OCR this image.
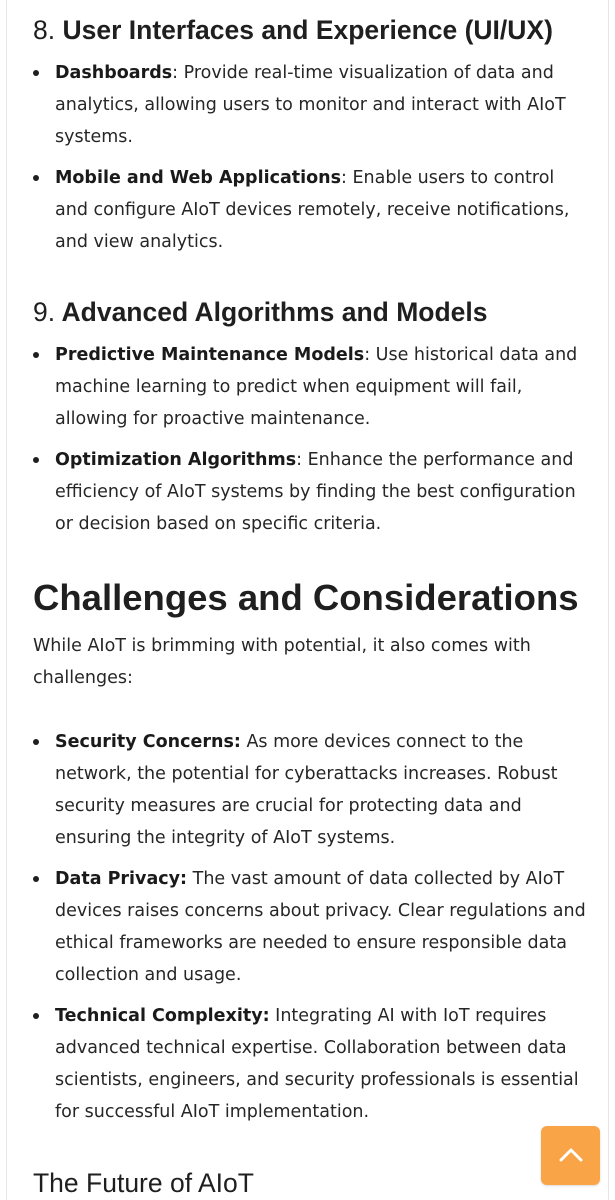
8. User Interfaces and Experience (UI/UX)
Dashboards: Provide real-time visualization of data and analytics, allowing users to monitor and interact with AIoT systems.
Mobile and Web Applications: Enable users to control and configure AIoT devices remotely, receive notifications, and view analytics.
9. Advanced Algorithms and Models
Predictive Maintenance Models: Use historical data and machine learning to predict when equipment will fail, allowing for proactive maintenance.
Optimization Algorithms: Enhance the performance and efficiency of AIoT systems by finding the best configuration or decision based on specific criteria.
Challenges and Considerations

While AIoT is brimming with potential, it also comes with challenges:

Security Concerns: As more devices connect to the network, the potential for cyberattacks increases. Robust security measures are crucial for protecting data and ensuring the integrity of AIoT systems.
Data Privacy: The vast amount of data collected by AIoT devices raises concerns about privacy. Clear regulations and ethical frameworks are needed to ensure responsible data collection and usage.
Technical Complexity: Integrating AI with IoT requires advanced technical expertise. Collaboration between data scientists, engineers, and security professionals is essential for successful AIoT implementation.
The Future of AIoT
